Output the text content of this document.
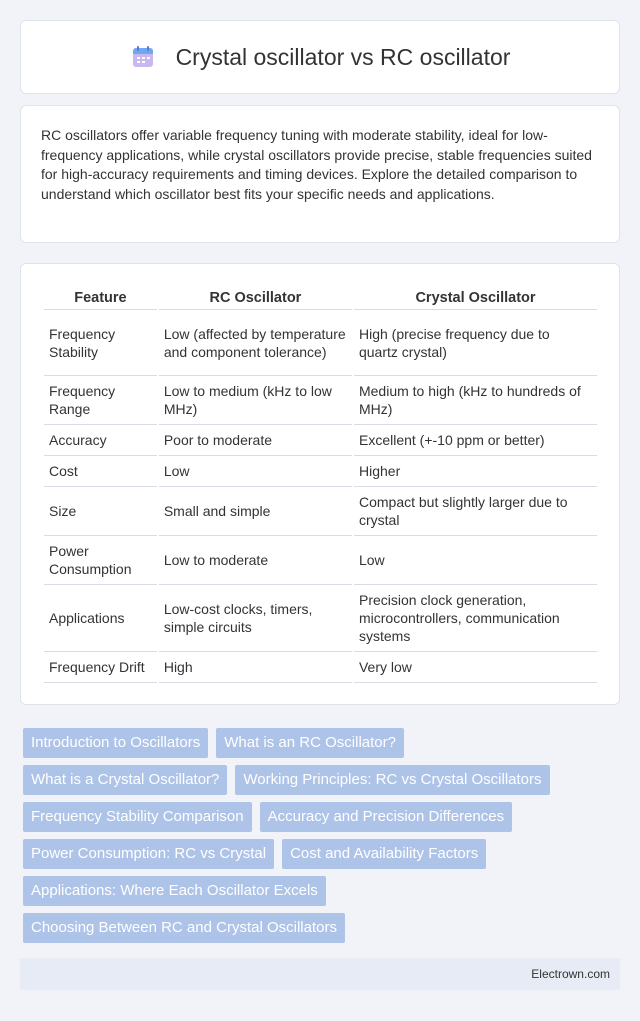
Crystal oscillator vs RC oscillator

RC oscillators offer variable frequency tuning with moderate stability, ideal for low-frequency applications, while crystal oscillators provide precise, stable frequencies suited for high-accuracy requirements and timing devices. Explore the detailed comparison to understand which oscillator best fits your specific needs and applications.

Feature	RC Oscillator	Crystal Oscillator
Frequency Stability	Low (affected by temperature and component tolerance)	High (precise frequency due to quartz crystal)
Frequency Range	Low to medium (kHz to low MHz)	Medium to high (kHz to hundreds of MHz)
Accuracy	Poor to moderate	Excellent (+-10 ppm or better)
Cost	Low	Higher
Size	Small and simple	Compact but slightly larger due to crystal
Power Consumption	Low to moderate	Low
Applications	Low-cost clocks, timers, simple circuits	Precision clock generation, microcontrollers, communication systems
Frequency Drift	High	Very low
Introduction to Oscillators	What is an RC Oscillator?
What is a Crystal Oscillator?	Working Principles: RC vs Crystal Oscillators
Frequency Stability Comparison	Accuracy and Precision Differences
Power Consumption: RC vs Crystal	Cost and Availability Factors
Applications: Where Each Oscillator Excels
Choosing Between RC and Crystal Oscillators
Electrown.com
